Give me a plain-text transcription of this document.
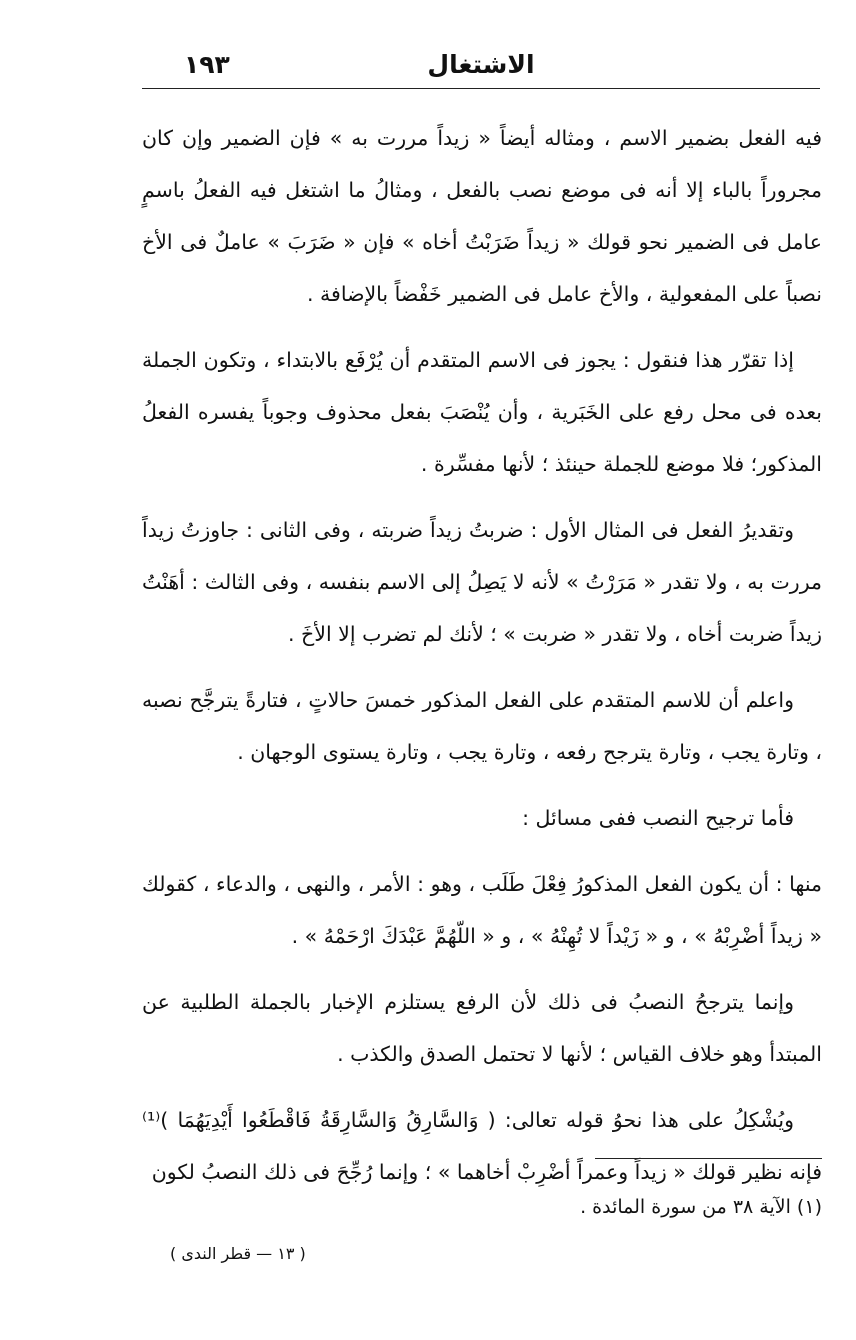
الاشتغال
١٩٣

فيه الفعل بضمير الاسم ، ومثاله أيضاً « زيداً مررت به » فإن الضمير وإن كان مجروراً بالباء إلا أنه فى موضع نصب بالفعل ، ومثالُ ما اشتغل فيه الفعلُ باسمٍ عامل فى الضمير نحو قولك « زيداً ضَرَبْتُ أخاه » فإن « ضَرَبَ » عاملٌ فى الأخ نصباً على المفعولية ، والأخ عامل فى الضمير خَفْضاً بالإضافة .

إذا تقرّر هذا فنقول : يجوز فى الاسم المتقدم أن يُرْفَع بالابتداء ، وتكون الجملة بعده فى محل رفع على الخَبَرية ، وأن يُنْصَبَ بفعل محذوف وجوباً يفسره الفعلُ المذكور؛ فلا موضع للجملة حينئذ ؛ لأنها مفسِّرة .

وتقديرُ الفعل فى المثال الأول : ضربتُ زيداً ضربته ، وفى الثانى : جاوزتُ زيداً مررت به ، ولا تقدر « مَرَرْتُ » لأنه لا يَصِلُ إلى الاسم بنفسه ، وفى الثالث : أهَنْتُ زيداً ضربت أخاه ، ولا تقدر « ضربت » ؛ لأنك لم تضرب إلا الأخَ .

واعلم أن للاسم المتقدم على الفعل المذكور خمسَ حالاتٍ ، فتارةً يترجَّح نصبه ، وتارة يجب ، وتارة يترجح رفعه ، وتارة يجب ، وتارة يستوى الوجهان .

فأما ترجيح النصب ففى مسائل :

منها : أن يكون الفعل المذكورُ فِعْلَ طَلَب ، وهو : الأمر ، والنهى ، والدعاء ، كقولك « زيداً أضْرِبْهُ » ، و « زَيْداً لا تُهِنْهُ » ، و « اللّهُمَّ عَبْدَكَ ارْحَمْهُ » .

وإنما يترجحُ النصبُ فى ذلك لأن الرفع يستلزم الإخبار بالجملة الطلبية عن المبتدأ وهو خلاف القياس ؛ لأنها لا تحتمل الصدق والكذب .

ويُشْكِلُ على هذا نحوُ قوله تعالى: ( وَالسَّارِقُ وَالسَّارِقَةُ فَاقْطَعُوا أَيْدِيَهُمَا )⁽¹⁾ فإنه نظير قولك « زيداً وعمراً أضْرِبْ أخاهما » ؛ وإنما رُجِّحَ فى ذلك النصبُ لكون

(١) الآية ٣٨ من سورة المائدة .
( ١٣ — قطر الندى )
